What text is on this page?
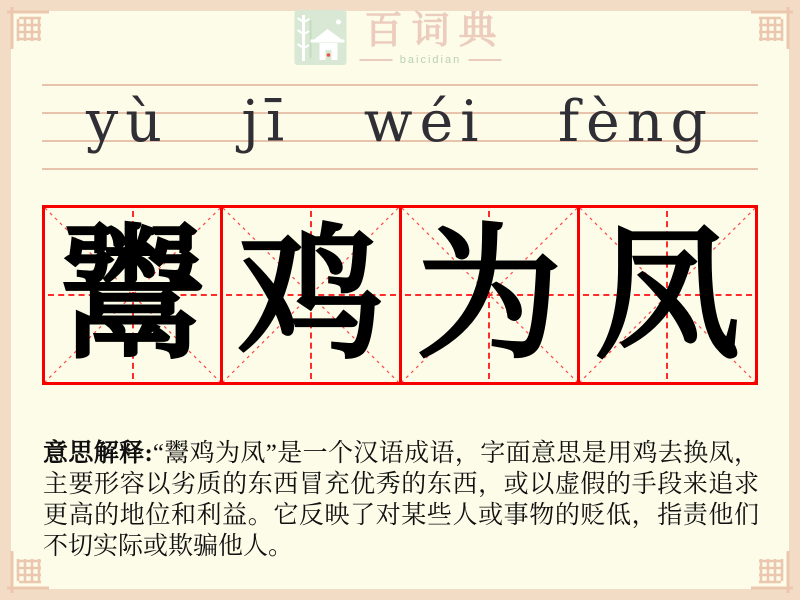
百词典
baicidian
yù jī wéi fèng
鬻 鸡 为 凤
意思解释:“鬻鸡为凤”是一个汉语成语，字面意思是用鸡去换凤，主要形容以劣质的东西冒充优秀的东西，或以虚假的手段来追求更高的地位和利益。它反映了对某些人或事物的贬低，指责他们不切实际或欺骗他人。
